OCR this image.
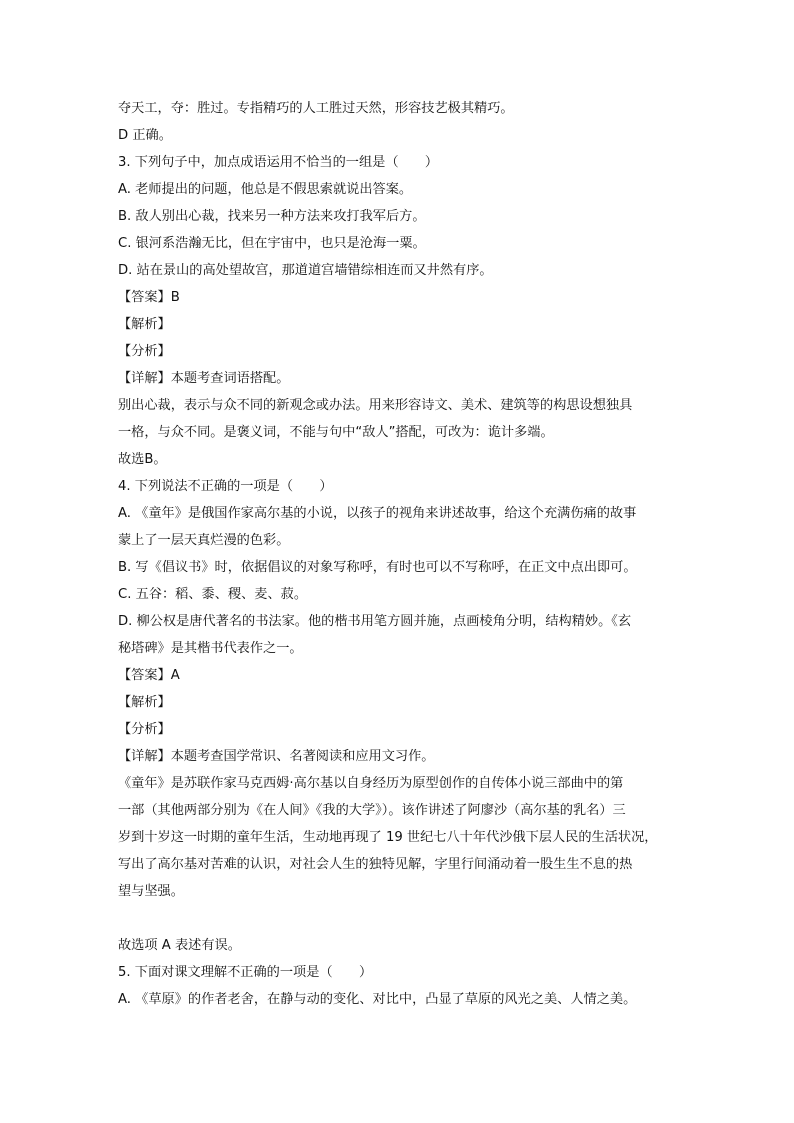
夺天工，夺：胜过。专指精巧的人工胜过天然，形容技艺极其精巧。
D 正确。
3. 下列句子中，加点成语运用不恰当的一组是（　　）
A. 老师提出的问题，他总是不假思索就说出答案。
B. 敌人别出心裁，找来另一种方法来攻打我军后方。
C. 银河系浩瀚无比，但在宇宙中，也只是沧海一粟。
D. 站在景山的高处望故宫，那道道宫墙错综相连而又井然有序。
【答案】B
【解析】
【分析】
【详解】本题考查词语搭配。
别出心裁，表示与众不同的新观念或办法。用来形容诗文、美术、建筑等的构思设想独具
一格，与众不同。是褒义词，不能与句中“敌人”搭配，可改为：诡计多端。
故选B。
4. 下列说法不正确的一项是（　　）
A. 《童年》是俄国作家高尔基的小说，以孩子的视角来讲述故事，给这个充满伤痛的故事
蒙上了一层天真烂漫的色彩。
B. 写《倡议书》时，依据倡议的对象写称呼，有时也可以不写称呼，在正文中点出即可。
C. 五谷：稻、黍、稷、麦、菽。
D. 柳公权是唐代著名的书法家。他的楷书用笔方圆并施，点画棱角分明，结构精妙。《玄
秘塔碑》是其楷书代表作之一。
【答案】A
【解析】
【分析】
【详解】本题考查国学常识、名著阅读和应用文习作。
《童年》是苏联作家马克西姆·高尔基以自身经历为原型创作的自传体小说三部曲中的第
一部（其他两部分别为《在人间》《我的大学》）。该作讲述了阿廖沙（高尔基的乳名）三
岁到十岁这一时期的童年生活，生动地再现了 19 世纪七八十年代沙俄下层人民的生活状况，
写出了高尔基对苦难的认识，对社会人生的独特见解，字里行间涌动着一股生生不息的热
望与坚强。
故选项 A 表述有误。
5. 下面对课文理解不正确的一项是（　　）
A. 《草原》的作者老舍，在静与动的变化、对比中，凸显了草原的风光之美、人情之美。
